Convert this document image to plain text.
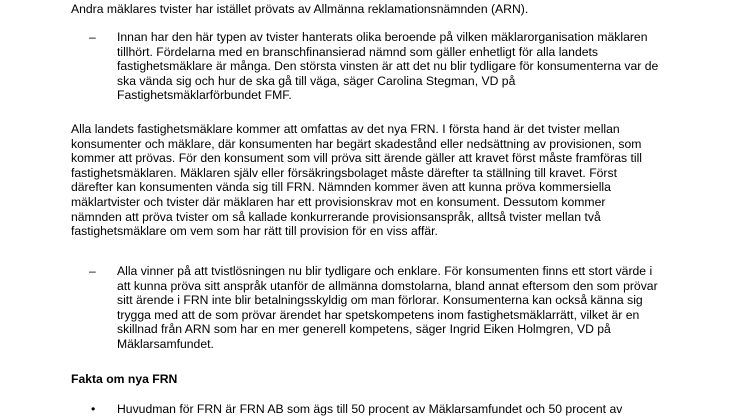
Andra mäklares tvister har istället prövats av Allmänna reklamationsnämnden (ARN).
– Innan har den här typen av tvister hanterats olika beroende på vilken mäklarorganisation mäklaren
tillhört. Fördelarna med en branschfinansierad nämnd som gäller enhetligt för alla landets
fastighetsmäklare är många. Den största vinsten är att det nu blir tydligare för konsumenterna var de
ska vända sig och hur de ska gå till väga, säger Carolina Stegman, VD på
Fastighetsmäklarförbundet FMF.
Alla landets fastighetsmäklare kommer att omfattas av det nya FRN. I första hand är det tvister mellan
konsumenter och mäklare, där konsumenten har begärt skadestånd eller nedsättning av provisionen, som
kommer att prövas. För den konsument som vill pröva sitt ärende gäller att kravet först måste framföras till
fastighetsmäklaren. Mäklaren själv eller försäkringsbolaget måste därefter ta ställning till kravet. Först
därefter kan konsumenten vända sig till FRN. Nämnden kommer även att kunna pröva kommersiella
mäklartvister och tvister där mäklaren har ett provisionskrav mot en konsument. Dessutom kommer
nämnden att pröva tvister om så kallade konkurrerande provisionsanspråk, alltså tvister mellan två
fastighetsmäklare om vem som har rätt till provision för en viss affär.
– Alla vinner på att tvistlösningen nu blir tydligare och enklare. För konsumenten finns ett stort värde i
att kunna pröva sitt anspråk utanför de allmänna domstolarna, bland annat eftersom den som prövar
sitt ärende i FRN inte blir betalningsskyldig om man förlorar. Konsumenterna kan också känna sig
trygga med att de som prövar ärendet har spetskompetens inom fastighetsmäklarrätt, vilket är en
skillnad från ARN som har en mer generell kompetens, säger Ingrid Eiken Holmgren, VD på
Mäklarsamfundet.
Fakta om nya FRN
• Huvudman för FRN är FRN AB som ägs till 50 procent av Mäklarsamfundet och 50 procent av
